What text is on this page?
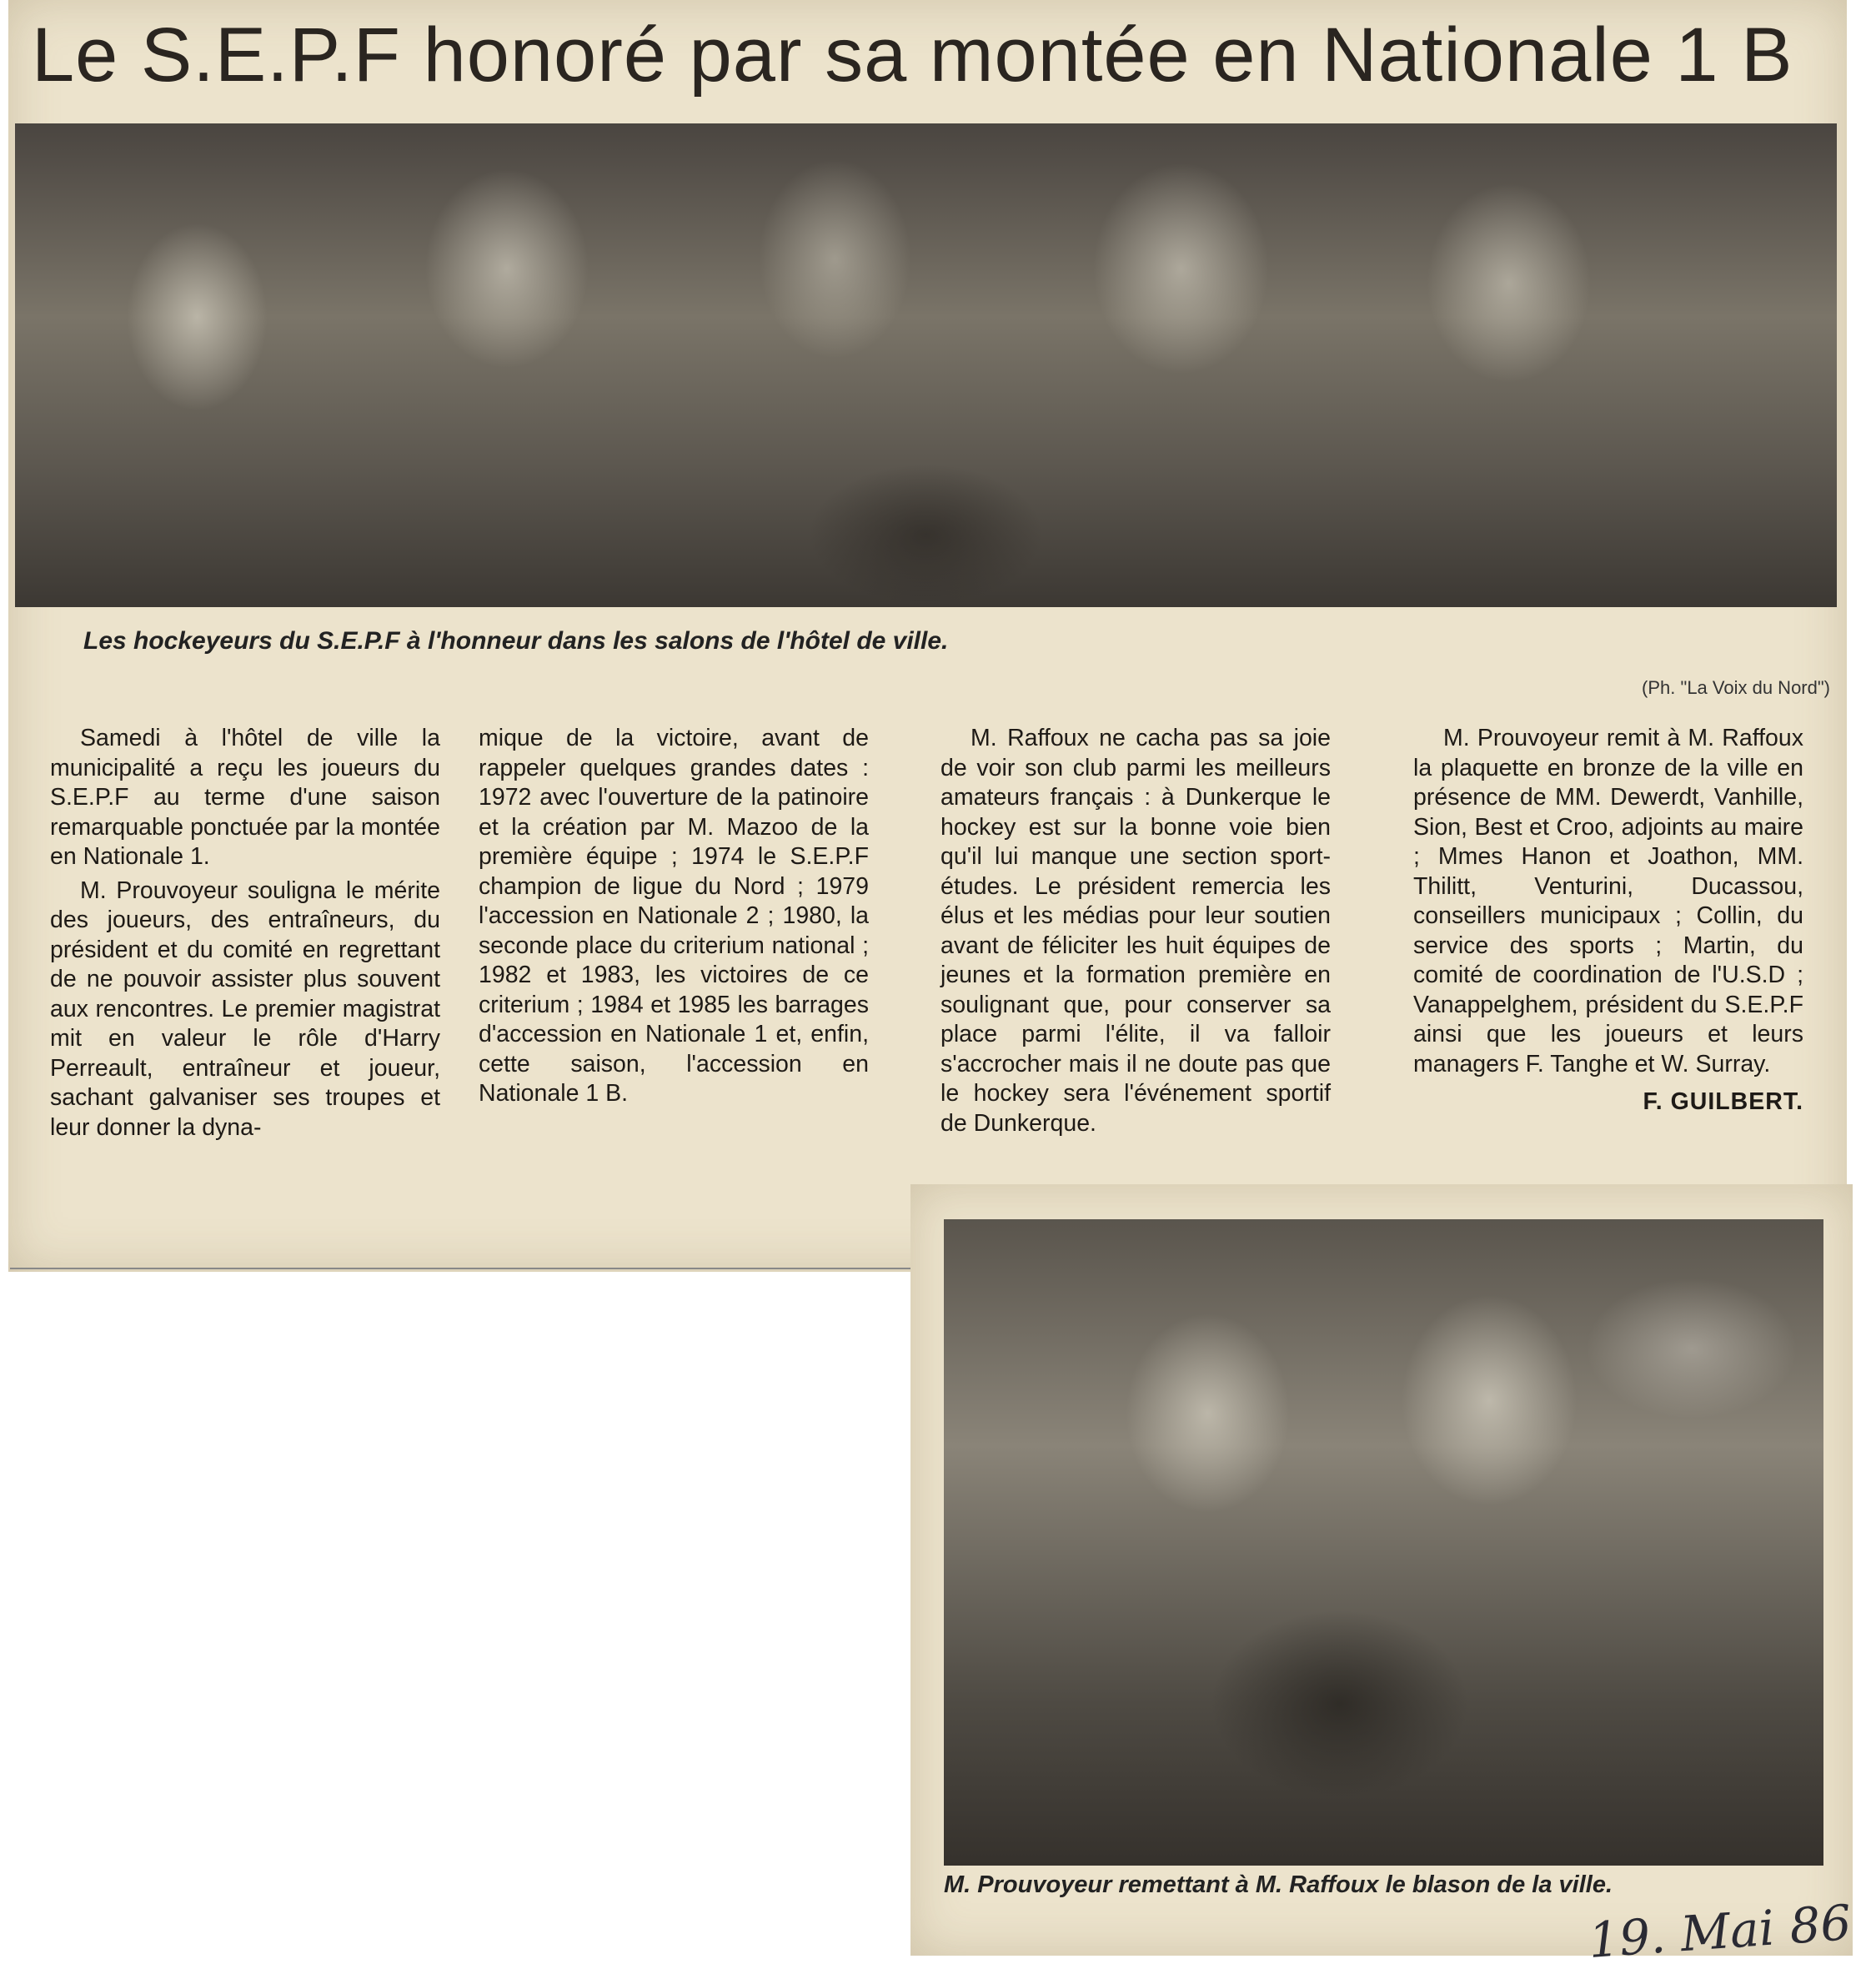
Le S.E.P.F honoré par sa montée en Nationale 1 B
Les hockeyeurs du S.E.P.F à l'honneur dans les salons de l'hôtel de ville.
(Ph. "La Voix du Nord")

Samedi à l'hôtel de ville la municipalité a reçu les joueurs du S.E.P.F au terme d'une saison remarquable ponctuée par la montée en Nationale 1.

M. Prouvoyeur souligna le mérite des joueurs, des entraîneurs, du président et du comité en regrettant de ne pouvoir assister plus souvent aux rencontres. Le premier magistrat mit en valeur le rôle d'Harry Perreault, entraîneur et joueur, sachant galvaniser ses troupes et leur donner la dyna-

mique de la victoire, avant de rappeler quelques grandes dates : 1972 avec l'ouverture de la patinoire et la création par M. Mazoo de la première équipe ; 1974 le S.E.P.F champion de ligue du Nord ; 1979 l'accession en Nationale 2 ; 1980, la seconde place du criterium national ; 1982 et 1983, les victoires de ce criterium ; 1984 et 1985 les barrages d'accession en Nationale 1 et, enfin, cette saison, l'accession en Nationale 1 B.

M. Raffoux ne cacha pas sa joie de voir son club parmi les meilleurs amateurs français : à Dunkerque le hockey est sur la bonne voie bien qu'il lui manque une section sport-études. Le président remercia les élus et les médias pour leur soutien avant de féliciter les huit équipes de jeunes et la formation première en soulignant que, pour conserver sa place parmi l'élite, il va falloir s'accrocher mais il ne doute pas que le hockey sera l'événement sportif de Dunkerque.

M. Prouvoyeur remit à M. Raffoux la plaquette en bronze de la ville en présence de MM. Dewerdt, Vanhille, Sion, Best et Croo, adjoints au maire ; Mmes Hanon et Joathon, MM. Thilitt, Venturini, Ducassou, conseillers municipaux ; Collin, du service des sports ; Martin, du comité de coordination de l'U.S.D ; Vanappelghem, président du S.E.P.F ainsi que les joueurs et leurs managers F. Tanghe et W. Surray.

F. GUILBERT.
M. Prouvoyeur remettant à M. Raffoux le blason de la ville.
19. Mai 86
